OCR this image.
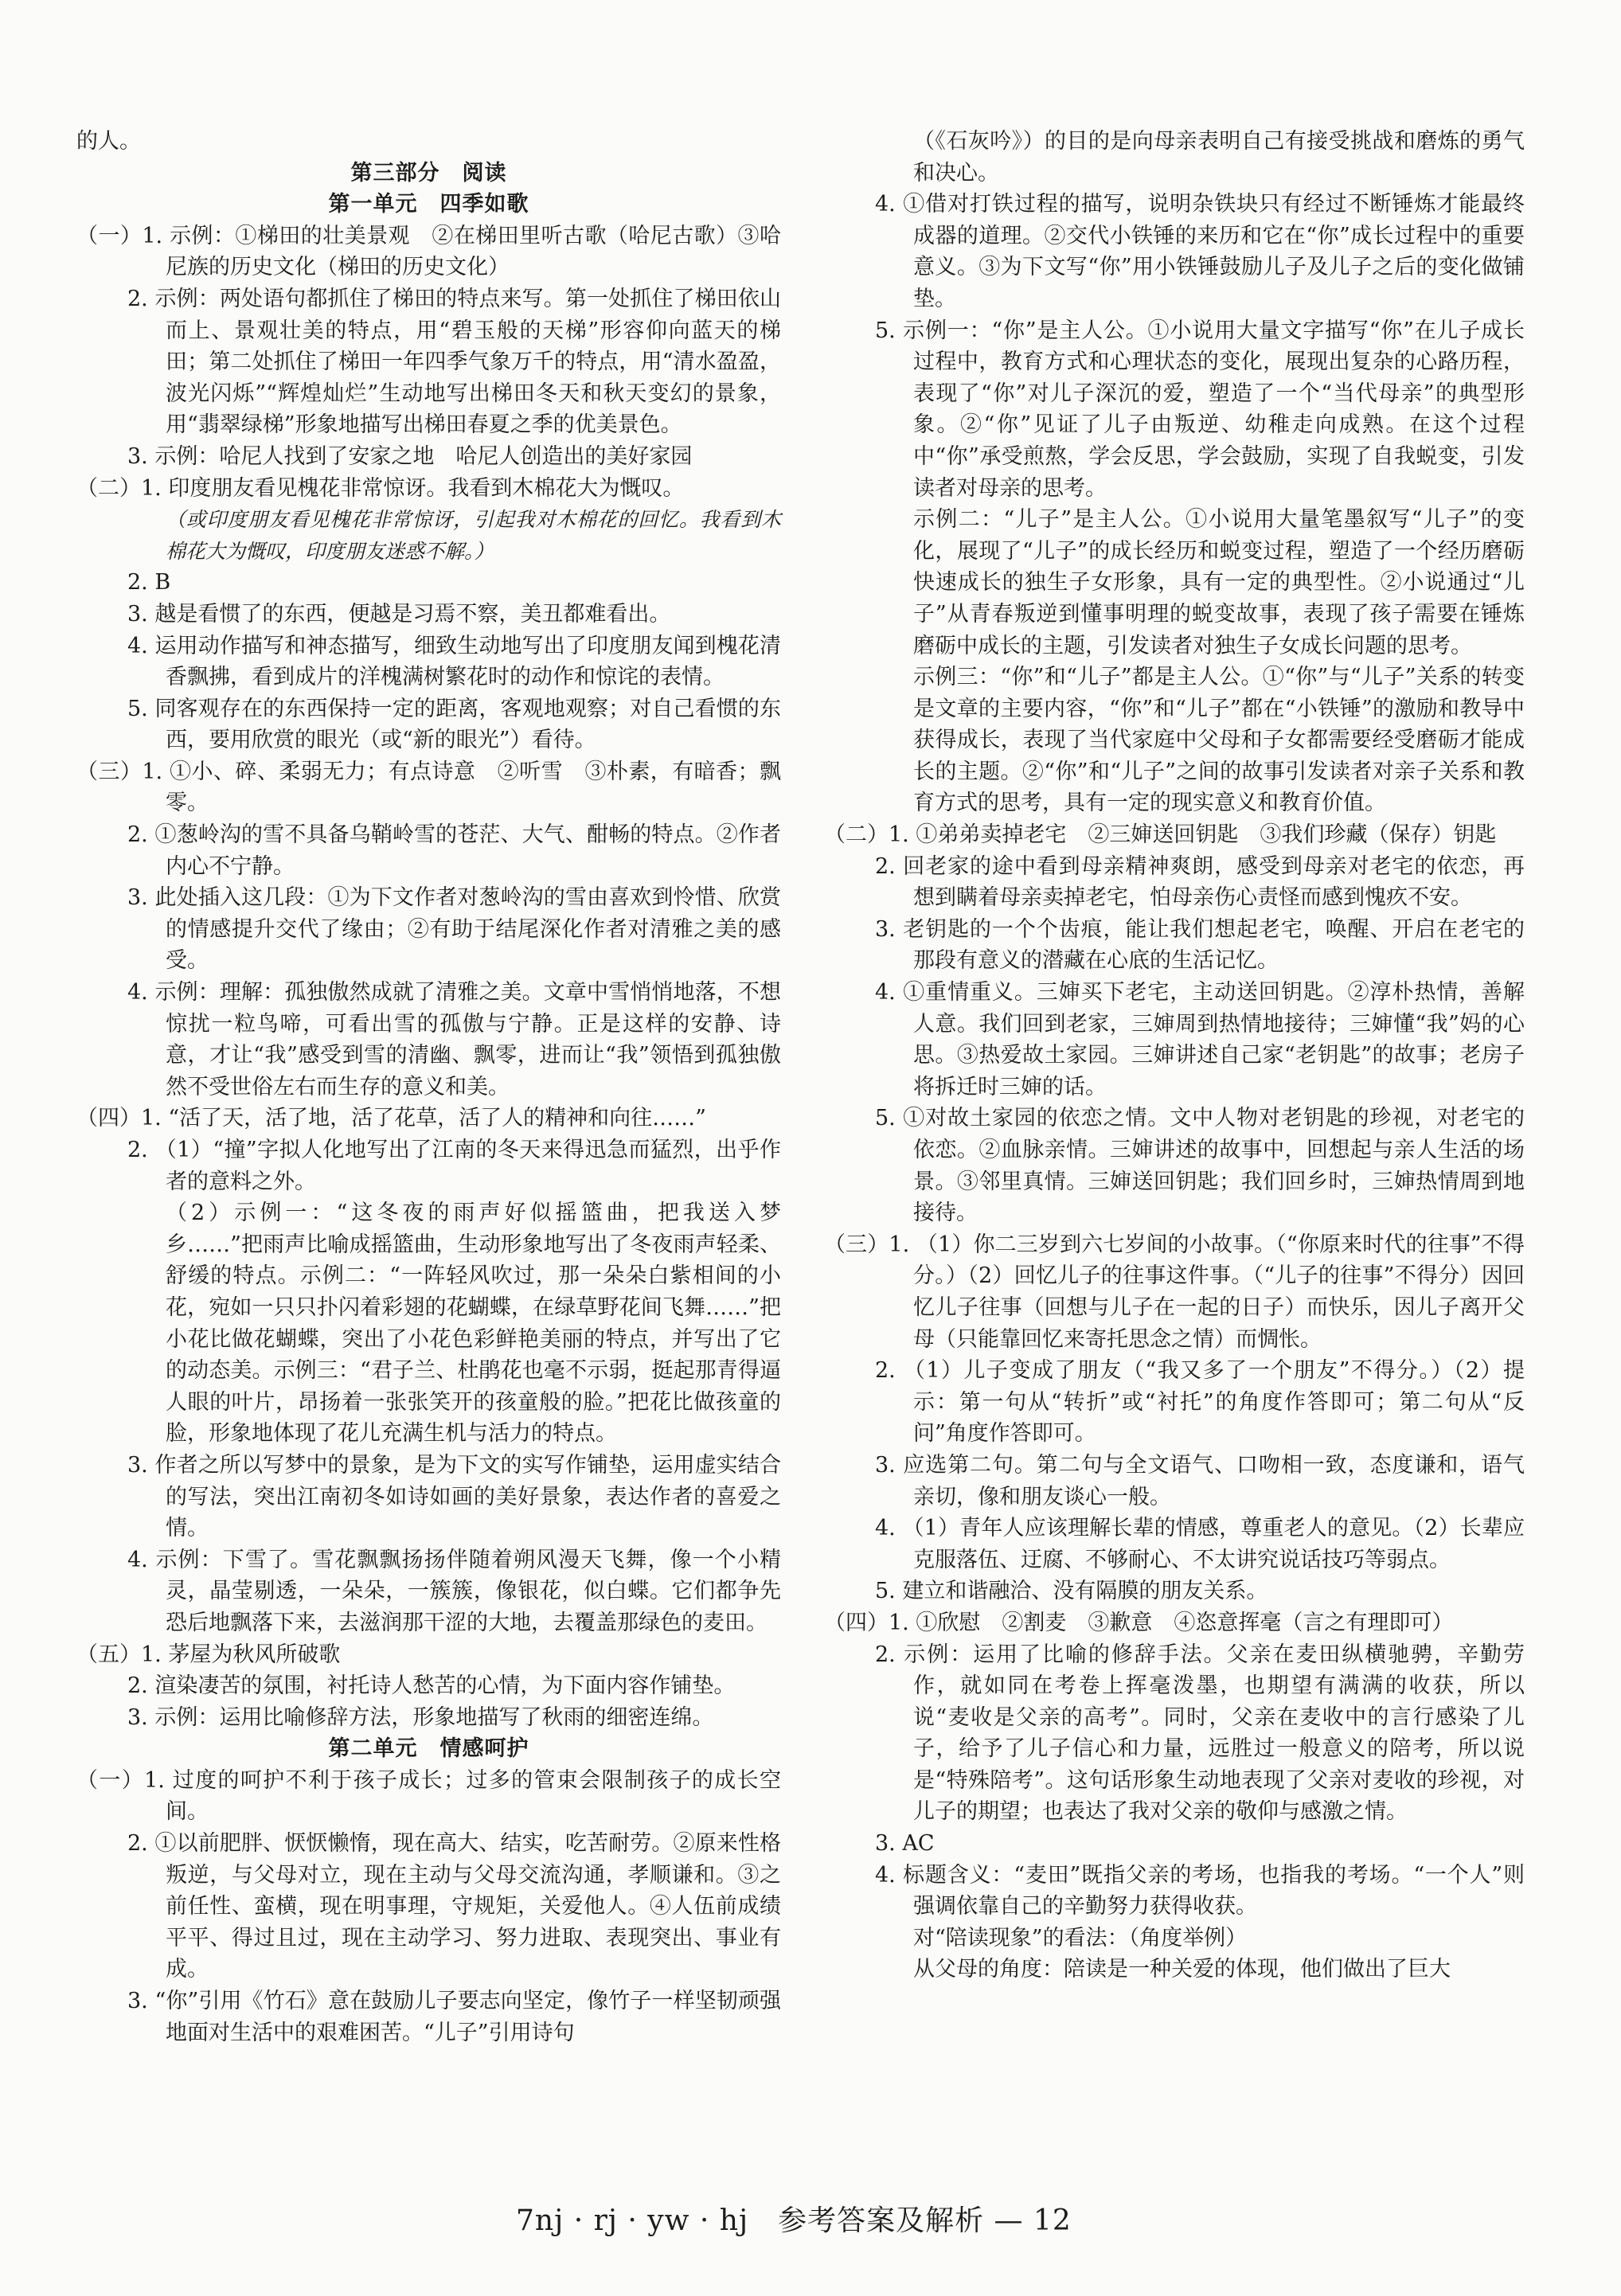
的人。

第三部分　阅读

第一单元　四季如歌

（一）1. 示例：①梯田的壮美景观　②在梯田里听古歌（哈尼古歌）③哈尼族的历史文化（梯田的历史文化）

2. 示例：两处语句都抓住了梯田的特点来写。第一处抓住了梯田依山而上、景观壮美的特点，用“碧玉般的天梯”形容仰向蓝天的梯田；第二处抓住了梯田一年四季气象万千的特点，用“清水盈盈，波光闪烁”“辉煌灿烂”生动地写出梯田冬天和秋天变幻的景象，用“翡翠绿梯”形象地描写出梯田春夏之季的优美景色。

3. 示例：哈尼人找到了安家之地　哈尼人创造出的美好家园

（二）1. 印度朋友看见槐花非常惊讶。我看到木棉花大为慨叹。

（或印度朋友看见槐花非常惊讶，引起我对木棉花的回忆。我看到木棉花大为慨叹，印度朋友迷惑不解。）

2. B

3. 越是看惯了的东西，便越是习焉不察，美丑都难看出。

4. 运用动作描写和神态描写，细致生动地写出了印度朋友闻到槐花清香飘拂，看到成片的洋槐满树繁花时的动作和惊诧的表情。

5. 同客观存在的东西保持一定的距离，客观地观察；对自己看惯的东西，要用欣赏的眼光（或“新的眼光”）看待。

（三）1. ①小、碎、柔弱无力；有点诗意　②听雪　③朴素，有暗香；飘零。

2. ①葱岭沟的雪不具备乌鞘岭雪的苍茫、大气、酣畅的特点。②作者内心不宁静。

3. 此处插入这几段：①为下文作者对葱岭沟的雪由喜欢到怜惜、欣赏的情感提升交代了缘由；②有助于结尾深化作者对清雅之美的感受。

4. 示例：理解：孤独傲然成就了清雅之美。文章中雪悄悄地落，不想惊扰一粒鸟啼，可看出雪的孤傲与宁静。正是这样的安静、诗意，才让“我”感受到雪的清幽、飘零，进而让“我”领悟到孤独傲然不受世俗左右而生存的意义和美。

（四）1. “活了天，活了地，活了花草，活了人的精神和向往……”

2. （1）“撞”字拟人化地写出了江南的冬天来得迅急而猛烈，出乎作者的意料之外。

（2）示例一：“这冬夜的雨声好似摇篮曲，把我送入梦乡……”把雨声比喻成摇篮曲，生动形象地写出了冬夜雨声轻柔、舒缓的特点。示例二：“一阵轻风吹过，那一朵朵白紫相间的小花，宛如一只只扑闪着彩翅的花蝴蝶，在绿草野花间飞舞……”把小花比做花蝴蝶，突出了小花色彩鲜艳美丽的特点，并写出了它的动态美。示例三：“君子兰、杜鹃花也毫不示弱，挺起那青得逼人眼的叶片，昂扬着一张张笑开的孩童般的脸。”把花比做孩童的脸，形象地体现了花儿充满生机与活力的特点。

3. 作者之所以写梦中的景象，是为下文的实写作铺垫，运用虚实结合的写法，突出江南初冬如诗如画的美好景象，表达作者的喜爱之情。

4. 示例：下雪了。雪花飘飘扬扬伴随着朔风漫天飞舞，像一个小精灵，晶莹剔透，一朵朵，一簇簇，像银花，似白蝶。它们都争先恐后地飘落下来，去滋润那干涩的大地，去覆盖那绿色的麦田。

（五）1. 茅屋为秋风所破歌

2. 渲染凄苦的氛围，衬托诗人愁苦的心情，为下面内容作铺垫。

3. 示例：运用比喻修辞方法，形象地描写了秋雨的细密连绵。

第二单元　情感呵护

（一）1. 过度的呵护不利于孩子成长；过多的管束会限制孩子的成长空间。

2. ①以前肥胖、恹恹懒惰，现在高大、结实，吃苦耐劳。②原来性格叛逆，与父母对立，现在主动与父母交流沟通，孝顺谦和。③之前任性、蛮横，现在明事理，守规矩，关爱他人。④人伍前成绩平平、得过且过，现在主动学习、努力进取、表现突出、事业有成。

3. “你”引用《竹石》意在鼓励儿子要志向坚定，像竹子一样坚韧顽强地面对生活中的艰难困苦。“儿子”引用诗句

（《石灰吟》）的目的是向母亲表明自己有接受挑战和磨炼的勇气和决心。

4. ①借对打铁过程的描写，说明杂铁块只有经过不断锤炼才能最终成器的道理。②交代小铁锤的来历和它在“你”成长过程中的重要意义。③为下文写“你”用小铁锤鼓励儿子及儿子之后的变化做铺垫。

5. 示例一：“你”是主人公。①小说用大量文字描写“你”在儿子成长过程中，教育方式和心理状态的变化，展现出复杂的心路历程，表现了“你”对儿子深沉的爱，塑造了一个“当代母亲”的典型形象。②“你”见证了儿子由叛逆、幼稚走向成熟。在这个过程中“你”承受煎熬，学会反思，学会鼓励，实现了自我蜕变，引发读者对母亲的思考。

示例二：“儿子”是主人公。①小说用大量笔墨叙写“儿子”的变化，展现了“儿子”的成长经历和蜕变过程，塑造了一个经历磨砺快速成长的独生子女形象，具有一定的典型性。②小说通过“儿子”从青春叛逆到懂事明理的蜕变故事，表现了孩子需要在锤炼磨砺中成长的主题，引发读者对独生子女成长问题的思考。

示例三：“你”和“儿子”都是主人公。①“你”与“儿子”关系的转变是文章的主要内容，“你”和“儿子”都在“小铁锤”的激励和教导中获得成长，表现了当代家庭中父母和子女都需要经受磨砺才能成长的主题。②“你”和“儿子”之间的故事引发读者对亲子关系和教育方式的思考，具有一定的现实意义和教育价值。

（二）1. ①弟弟卖掉老宅　②三婶送回钥匙　③我们珍藏（保存）钥匙

2. 回老家的途中看到母亲精神爽朗，感受到母亲对老宅的依恋，再想到瞒着母亲卖掉老宅，怕母亲伤心责怪而感到愧疚不安。

3. 老钥匙的一个个齿痕，能让我们想起老宅，唤醒、开启在老宅的那段有意义的潜藏在心底的生活记忆。

4. ①重情重义。三婶买下老宅，主动送回钥匙。②淳朴热情，善解人意。我们回到老家，三婶周到热情地接待；三婶懂“我”妈的心思。③热爱故土家园。三婶讲述自己家“老钥匙”的故事；老房子将拆迁时三婶的话。

5. ①对故土家园的依恋之情。文中人物对老钥匙的珍视，对老宅的依恋。②血脉亲情。三婶讲述的故事中，回想起与亲人生活的场景。③邻里真情。三婶送回钥匙；我们回乡时，三婶热情周到地接待。

（三）1. （1）你二三岁到六七岁间的小故事。（“你原来时代的往事”不得分。）（2）回忆儿子的往事这件事。（“儿子的往事”不得分）因回忆儿子往事（回想与儿子在一起的日子）而快乐，因儿子离开父母（只能靠回忆来寄托思念之情）而惆怅。

2. （1）儿子变成了朋友（“我又多了一个朋友”不得分。）（2）提示：第一句从“转折”或“衬托”的角度作答即可；第二句从“反问”角度作答即可。

3. 应选第二句。第二句与全文语气、口吻相一致，态度谦和，语气亲切，像和朋友谈心一般。

4. （1）青年人应该理解长辈的情感，尊重老人的意见。（2）长辈应克服落伍、迂腐、不够耐心、不太讲究说话技巧等弱点。

5. 建立和谐融洽、没有隔膜的朋友关系。

（四）1. ①欣慰　②割麦　③歉意　④恣意挥毫（言之有理即可）

2. 示例：运用了比喻的修辞手法。父亲在麦田纵横驰骋，辛勤劳作，就如同在考卷上挥毫泼墨，也期望有满满的收获，所以说“麦收是父亲的高考”。同时，父亲在麦收中的言行感染了儿子，给予了儿子信心和力量，远胜过一般意义的陪考，所以说是“特殊陪考”。这句话形象生动地表现了父亲对麦收的珍视，对儿子的期望；也表达了我对父亲的敬仰与感激之情。

3. AC

4. 标题含义：“麦田”既指父亲的考场，也指我的考场。“一个人”则强调依靠自己的辛勤努力获得收获。

对“陪读现象”的看法：（角度举例）

从父母的角度：陪读是一种关爱的体现，他们做出了巨大

7nj · rj · yw · hj　参考答案及解析 — 12
